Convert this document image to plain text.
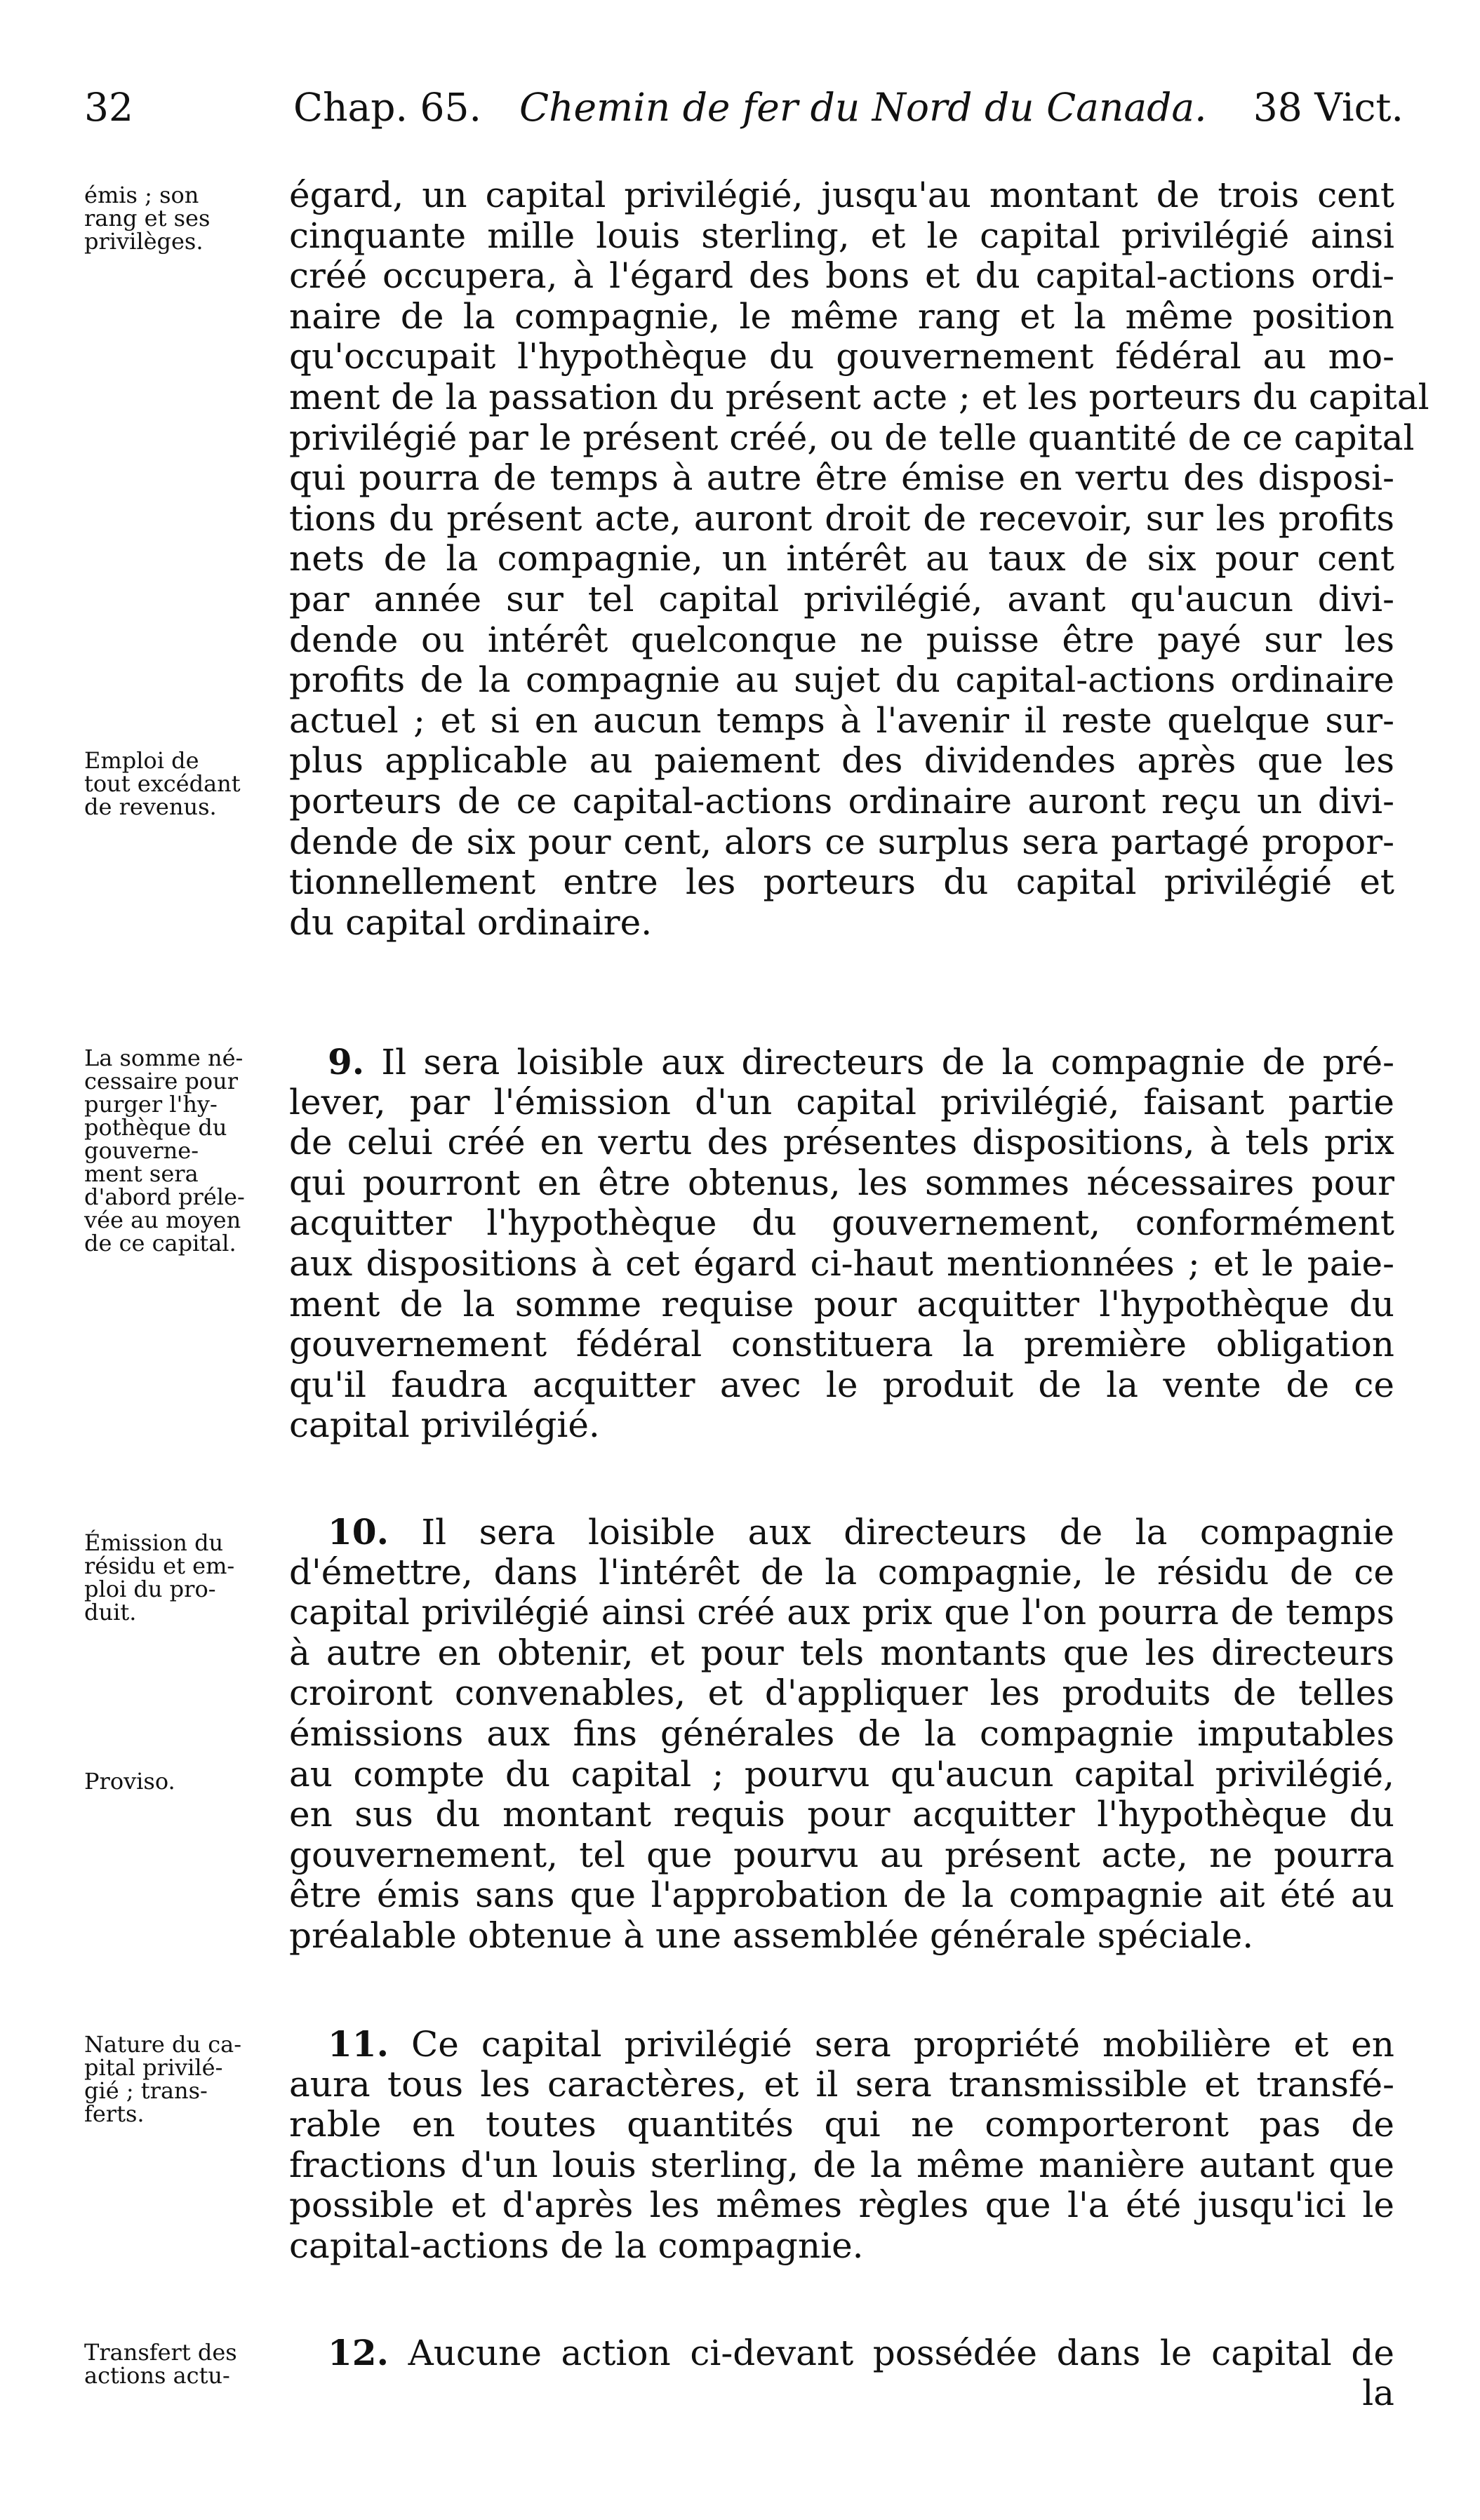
32	Chap. 65. Chemin de fer du Nord du Canada. 38 Vict.
émis ; son
rang et ses
privilèges.
Emploi de
tout excédant
de revenus.
La somme né-
cessaire pour
purger l'hy-
pothèque du
gouverne-
ment sera
d'abord préle-
vée au moyen
de ce capital.
Émission du
résidu et em-
ploi du pro-
duit.
Proviso.
Nature du ca-
pital privilé-
gié ; trans-
ferts.
Transfert des
actions actu-
égard, un capital privilégié, jusqu'au montant de trois cent
cinquante mille louis sterling, et le capital privilégié ainsi
créé occupera, à l'égard des bons et du capital-actions ordi-
naire de la compagnie, le même rang et la même position
qu'occupait l'hypothèque du gouvernement fédéral au mo-
ment de la passation du présent acte ; et les porteurs du capital
privilégié par le présent créé, ou de telle quantité de ce capital
qui pourra de temps à autre être émise en vertu des disposi-
tions du présent acte, auront droit de recevoir, sur les profits
nets de la compagnie, un intérêt au taux de six pour cent
par année sur tel capital privilégié, avant qu'aucun divi-
dende ou intérêt quelconque ne puisse être payé sur les
profits de la compagnie au sujet du capital-actions ordinaire
actuel ; et si en aucun temps à l'avenir il reste quelque sur-
plus applicable au paiement des dividendes après que les
porteurs de ce capital-actions ordinaire auront reçu un divi-
dende de six pour cent, alors ce surplus sera partagé propor-
tionnellement entre les porteurs du capital privilégié et
du capital ordinaire.
9. Il sera loisible aux directeurs de la compagnie de pré-
lever, par l'émission d'un capital privilégié, faisant partie
de celui créé en vertu des présentes dispositions, à tels prix
qui pourront en être obtenus, les sommes nécessaires pour
acquitter l'hypothèque du gouvernement, conformément
aux dispositions à cet égard ci-haut mentionnées ; et le paie-
ment de la somme requise pour acquitter l'hypothèque du
gouvernement fédéral constituera la première obligation
qu'il faudra acquitter avec le produit de la vente de ce
capital privilégié.
10. Il sera loisible aux directeurs de la compagnie
d'émettre, dans l'intérêt de la compagnie, le résidu de ce
capital privilégié ainsi créé aux prix que l'on pourra de temps
à autre en obtenir, et pour tels montants que les directeurs
croiront convenables, et d'appliquer les produits de telles
émissions aux fins générales de la compagnie imputables
au compte du capital ; pourvu qu'aucun capital privilégié,
en sus du montant requis pour acquitter l'hypothèque du
gouvernement, tel que pourvu au présent acte, ne pourra
être émis sans que l'approbation de la compagnie ait été au
préalable obtenue à une assemblée générale spéciale.
11. Ce capital privilégié sera propriété mobilière et en
aura tous les caractères, et il sera transmissible et transfé-
rable en toutes quantités qui ne comporteront pas de
fractions d'un louis sterling, de la même manière autant que
possible et d'après les mêmes règles que l'a été jusqu'ici le
capital-actions de la compagnie.
12. Aucune action ci-devant possédée dans le capital de
la
